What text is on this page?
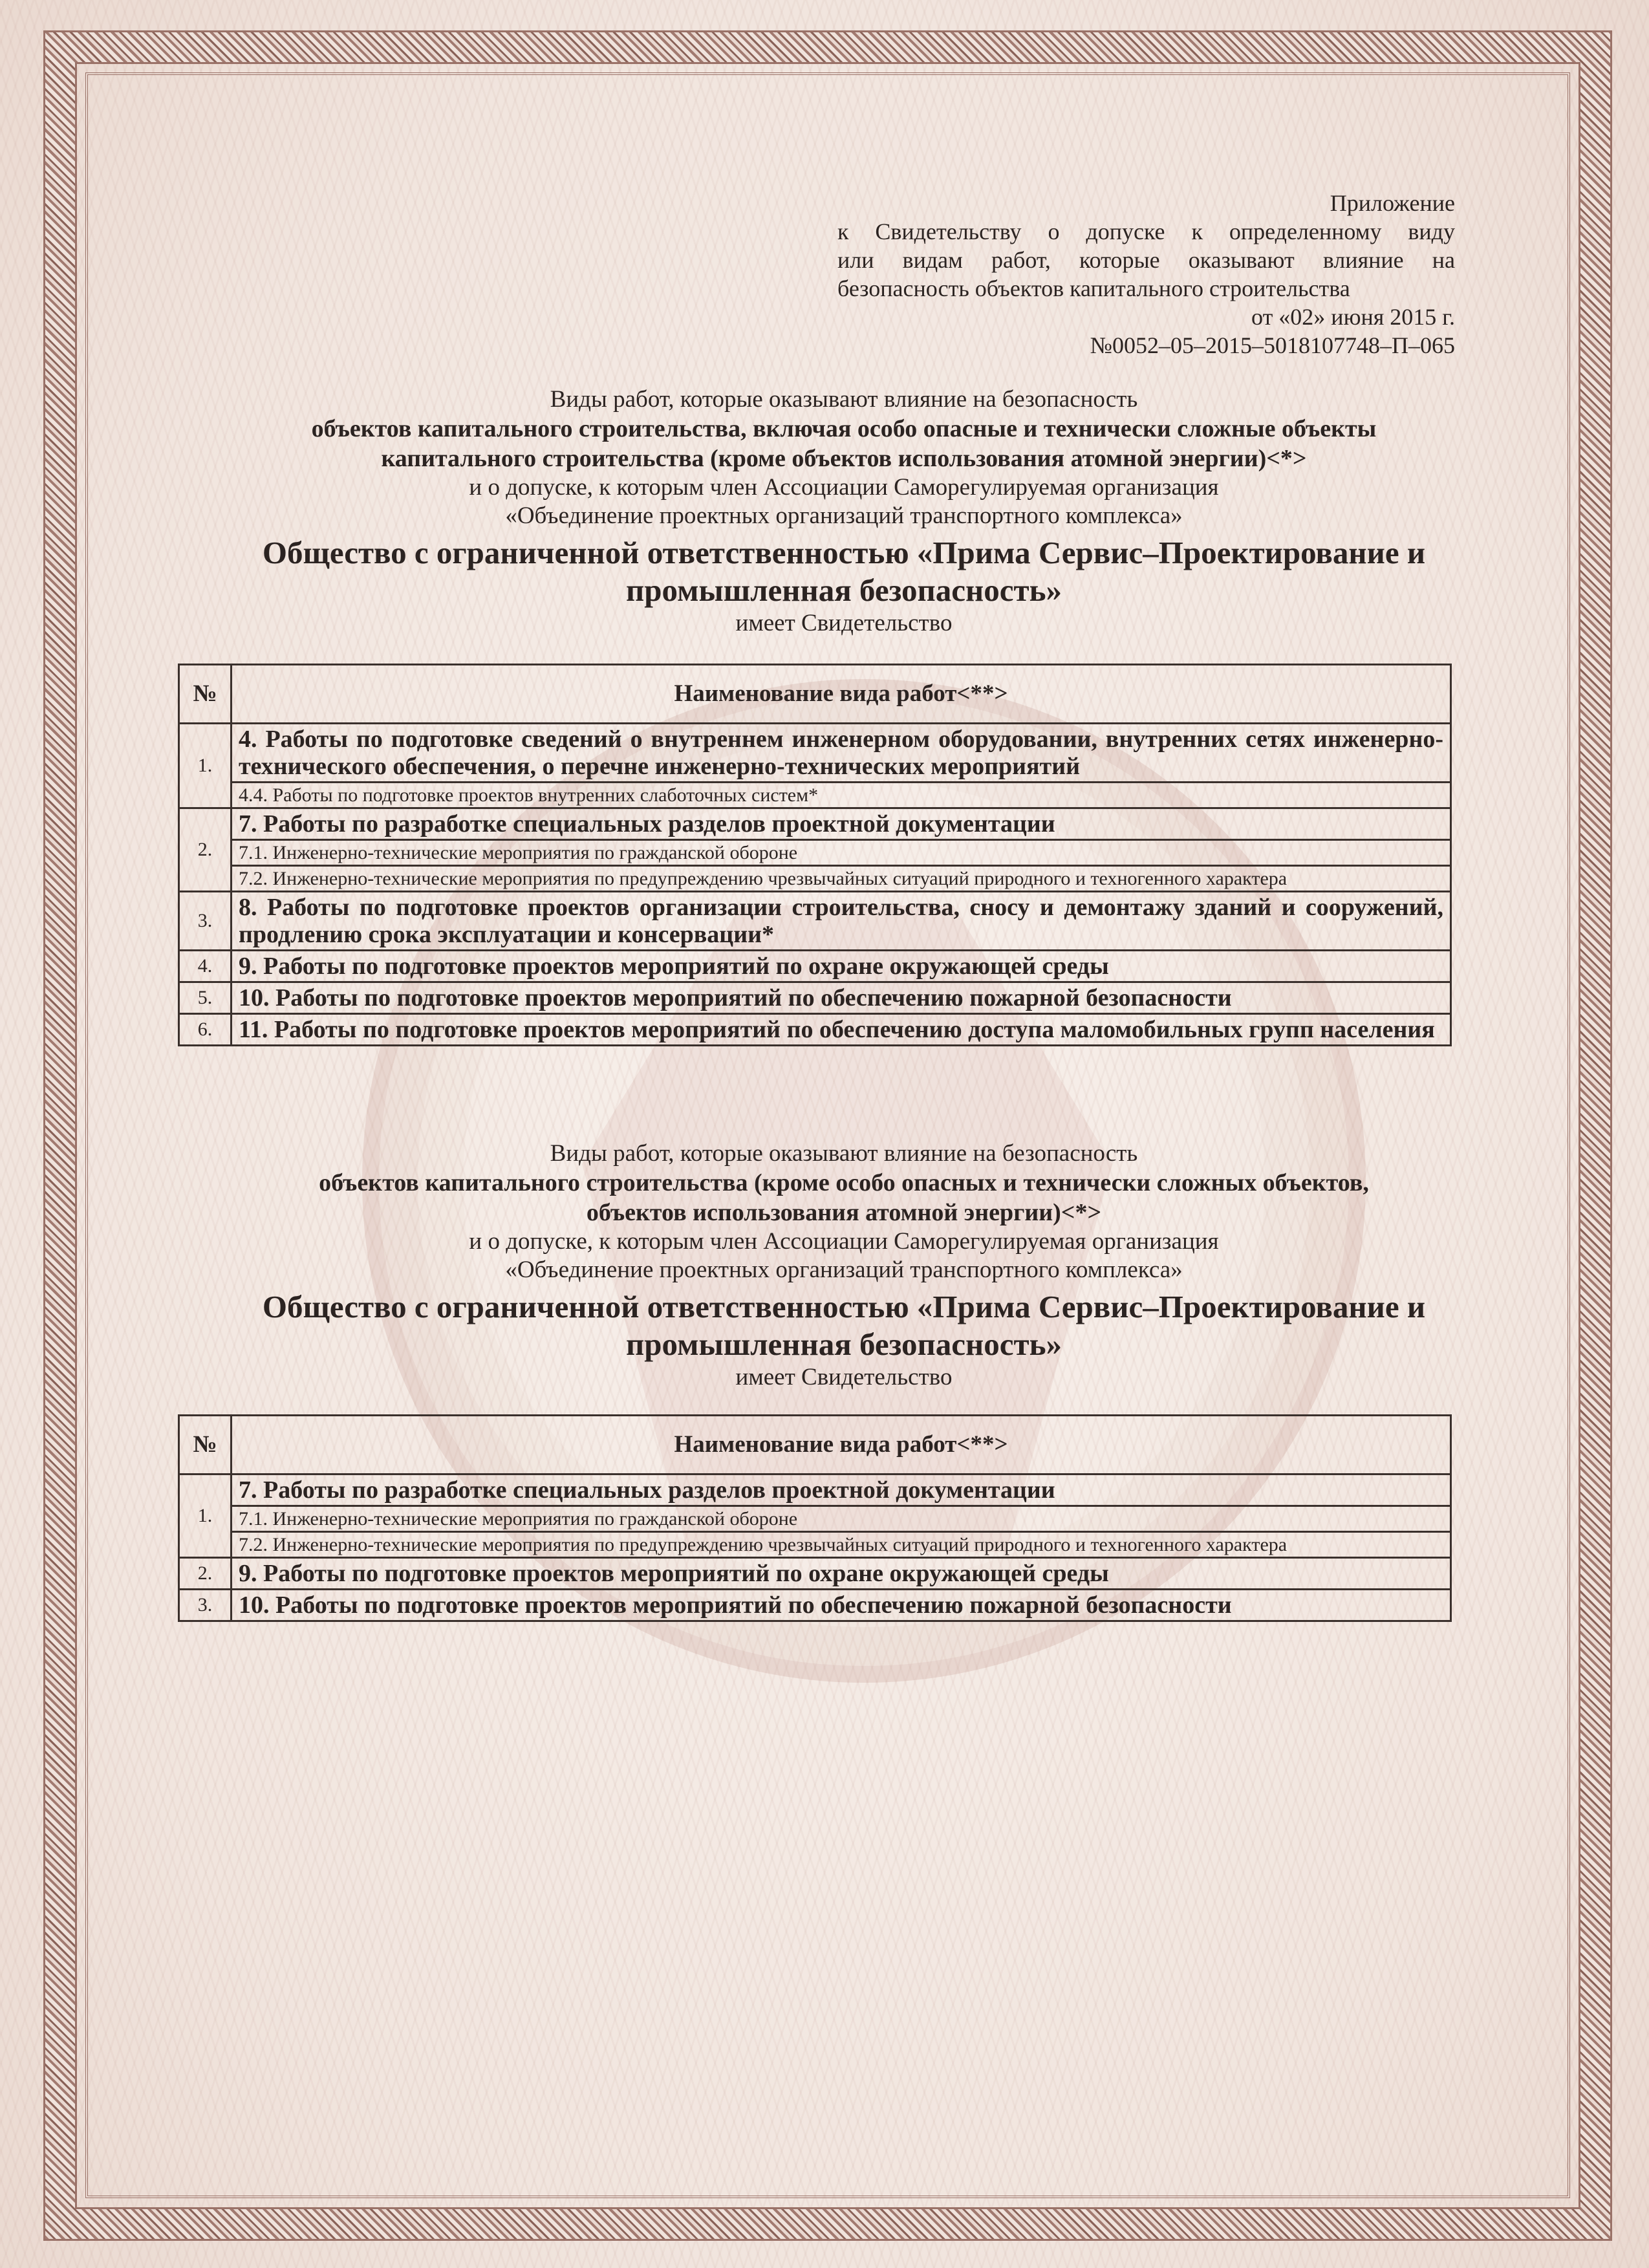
Приложение
к Свидетельству о допуске к определенному виду
или видам работ, которые оказывают влияние на
безопасность объектов капитального строительства
от «02» июня 2015 г.
№0052–05–2015–5018107748–П–065
Виды работ, которые оказывают влияние на безопасность
объектов капитального строительства, включая особо опасные и технически сложные объекты
капитального строительства (кроме объектов использования атомной энергии)<*>
и о допуске, к которым член Ассоциации Саморегулируемая организация
«Объединение проектных организаций транспортного комплекса»
Общество с ограниченной ответственностью «Прима Сервис–Проектирование и
промышленная безопасность»
имеет Свидетельство
№	Наименование вида работ<**>
1.	4. Работы по подготовке сведений о внутреннем инженерном оборудовании, внутренних сетях инженерно-технического обеспечения, о перечне инженерно-технических мероприятий
	4.4. Работы по подготовке проектов внутренних слаботочных систем*
2.	7. Работы по разработке специальных разделов проектной документации
	7.1. Инженерно-технические мероприятия по гражданской обороне
	7.2. Инженерно-технические мероприятия по предупреждению чрезвычайных ситуаций природного и техногенного характера
3.	8. Работы по подготовке проектов организации строительства, сносу и демонтажу зданий и сооружений, продлению срока эксплуатации и консервации*
4.	9. Работы по подготовке проектов мероприятий по охране окружающей среды
5.	10. Работы по подготовке проектов мероприятий по обеспечению пожарной безопасности
6.	11. Работы по подготовке проектов мероприятий по обеспечению доступа маломобильных групп населения
Виды работ, которые оказывают влияние на безопасность
объектов капитального строительства (кроме особо опасных и технически сложных объектов,
объектов использования атомной энергии)<*>
и о допуске, к которым член Ассоциации Саморегулируемая организация
«Объединение проектных организаций транспортного комплекса»
Общество с ограниченной ответственностью «Прима Сервис–Проектирование и
промышленная безопасность»
имеет Свидетельство
№	Наименование вида работ<**>
1.	7. Работы по разработке специальных разделов проектной документации
	7.1. Инженерно-технические мероприятия по гражданской обороне
	7.2. Инженерно-технические мероприятия по предупреждению чрезвычайных ситуаций природного и техногенного характера
2.	9. Работы по подготовке проектов мероприятий по охране окружающей среды
3.	10. Работы по подготовке проектов мероприятий по обеспечению пожарной безопасности
